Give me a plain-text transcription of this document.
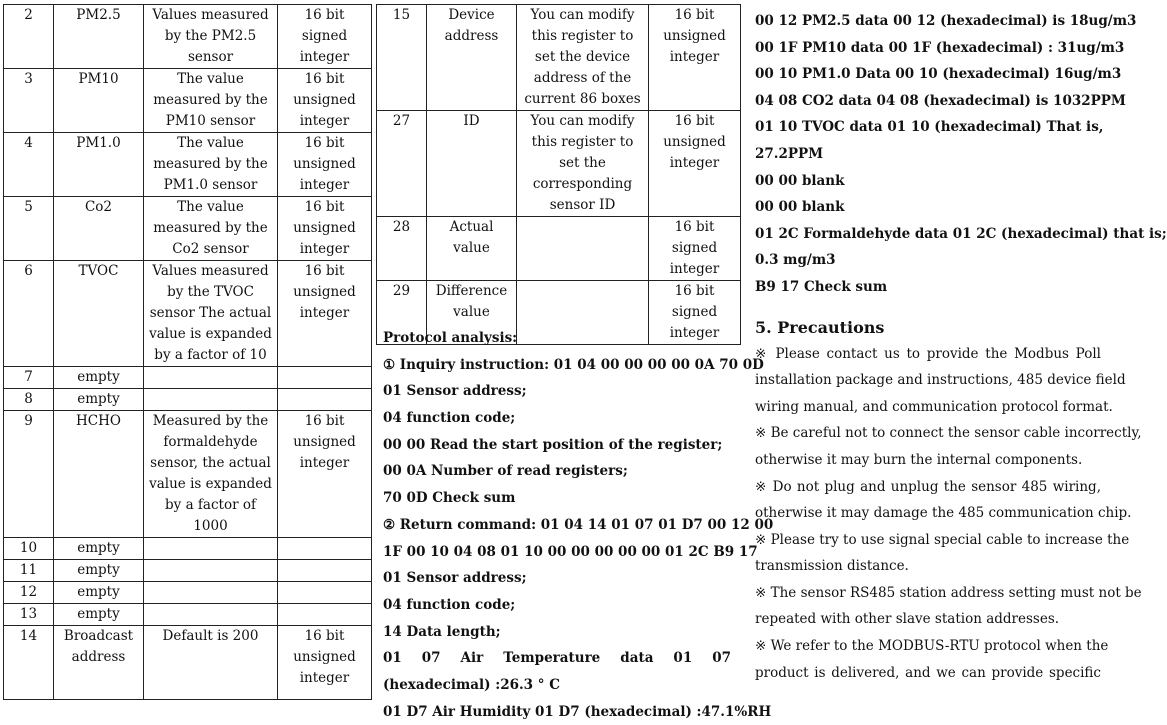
2	PM2.5	Values measured by the PM2.5 sensor	16 bit signed integer
3	PM10	The value measured by the PM10 sensor	16 bit unsigned integer
4	PM1.0	The value measured by the PM1.0 sensor	16 bit unsigned integer
5	Co2	The value measured by the Co2 sensor	16 bit unsigned integer
6	TVOC	Values measured by the TVOC sensor The actual value is expanded by a factor of 10	16 bit unsigned integer
7	empty		
8	empty		
9	HCHO	Measured by the formaldehyde sensor, the actual value is expanded by a factor of 1000	16 bit unsigned integer
10	empty		
11	empty		
12	empty		
13	empty		
14	Broadcast address	Default is 200	16 bit unsigned integer
15	Device address	You can modify this register to set the device address of the current 86 boxes	16 bit unsigned integer
27	ID	You can modify this register to set the corresponding sensor ID	16 bit unsigned integer
28	Actual value		16 bit signed integer
29	Difference value		16 bit signed integer
Protocol analysis:
① Inquiry instruction: 01 04 00 00 00 00 0A 70 0D
01 Sensor address;
04 function code;
00 00 Read the start position of the register;
00 0A Number of read registers;
70 0D Check sum
② Return command: 01 04 14 01 07 01 D7 00 12 00
1F 00 10 04 08 01 10 00 00 00 00 00 01 2C B9 17
01 Sensor address;
04 function code;
14 Data length;
01 07 Air Temperature data 01 07
(hexadecimal) :26.3 ° C
01 D7 Air Humidity 01 D7 (hexadecimal) :47.1%RH
00 12 PM2.5 data 00 12 (hexadecimal) is 18ug/m3
00 1F PM10 data 00 1F (hexadecimal) : 31ug/m3
00 10 PM1.0 Data 00 10 (hexadecimal) 16ug/m3
04 08 CO2 data 04 08 (hexadecimal) is 1032PPM
01 10 TVOC data 01 10 (hexadecimal) That is,
27.2PPM
00 00 blank
00 00 blank
01 2C Formaldehyde data 01 2C (hexadecimal) that is;
0.3 mg/m3
B9 17 Check sum
5. Precautions
※ Please contact us to provide the Modbus Poll
installation package and instructions, 485 device field
wiring manual, and communication protocol format.
※ Be careful not to connect the sensor cable incorrectly,
otherwise it may burn the internal components.
※ Do not plug and unplug the sensor 485 wiring,
otherwise it may damage the 485 communication chip.
※ Please try to use signal special cable to increase the
transmission distance.
※ The sensor RS485 station address setting must not be
repeated with other slave station addresses.
※ We refer to the MODBUS-RTU protocol when the
product is delivered, and we can provide specific
